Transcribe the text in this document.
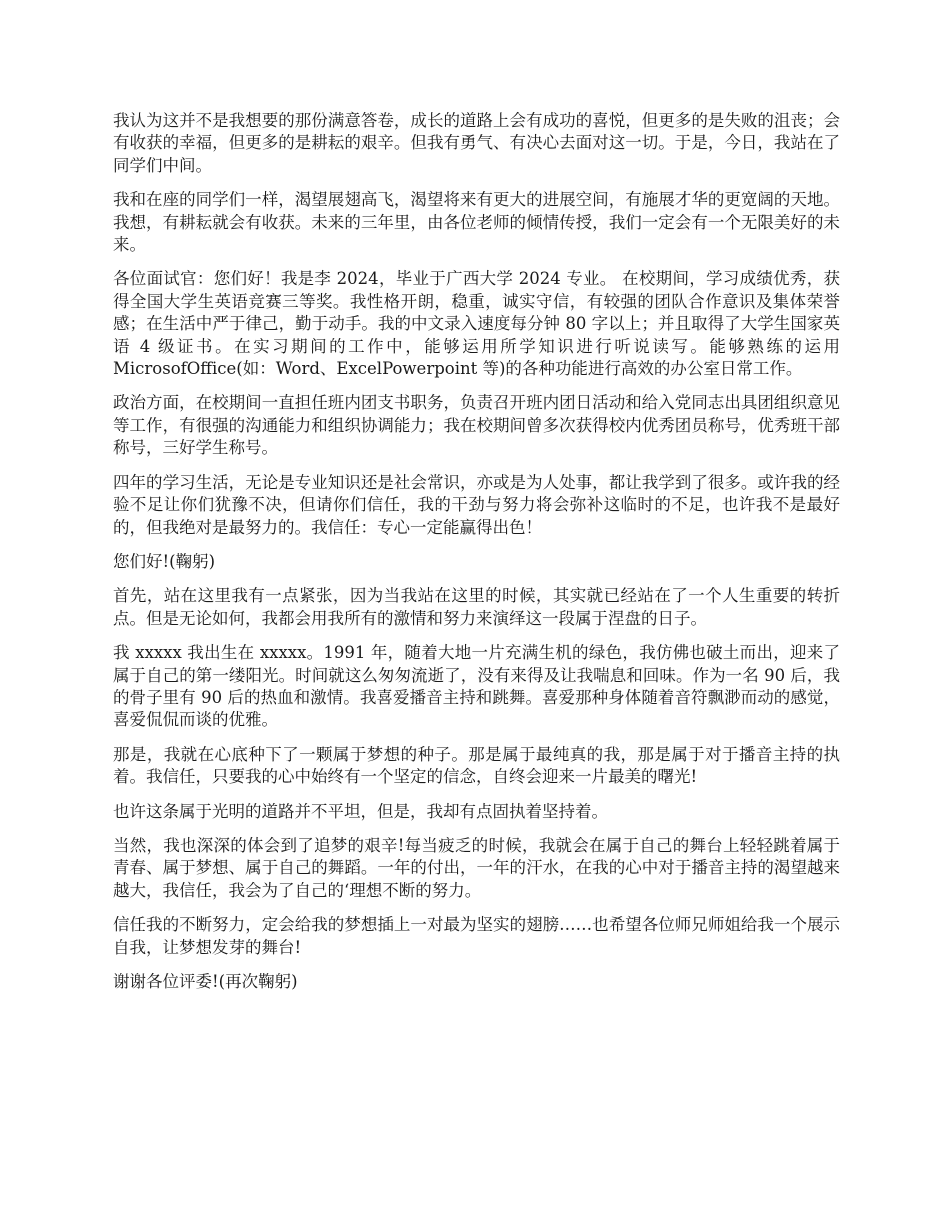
我认为这并不是我想要的那份满意答卷，成长的道路上会有成功的喜悦，但更多的是失败的沮丧；会有收获的幸福，但更多的是耕耘的艰辛。但我有勇气、有决心去面对这一切。于是，今日，我站在了同学们中间。

我和在座的同学们一样，渴望展翅高飞，渴望将来有更大的进展空间，有施展才华的更宽阔的天地。我想，有耕耘就会有收获。未来的三年里，由各位老师的倾情传授，我们一定会有一个无限美好的未来。

各位面试官：您们好！我是李 2024，毕业于广西大学 2024 专业。 在校期间，学习成绩优秀，获得全国大学生英语竞赛三等奖。我性格开朗，稳重，诚实守信，有较强的团队合作意识及集体荣誉感；在生活中严于律己，勤于动手。我的中文录入速度每分钟 80 字以上；并且取得了大学生国家英语 4 级证书。在实习期间的工作中，能够运用所学知识进行听说读写。能够熟练的运用 MicrosofOffice(如：Word、ExcelPowerpoint 等)的各种功能进行高效的办公室日常工作。

政治方面，在校期间一直担任班内团支书职务，负责召开班内团日活动和给入党同志出具团组织意见等工作，有很强的沟通能力和组织协调能力；我在校期间曾多次获得校内优秀团员称号，优秀班干部称号，三好学生称号。

四年的学习生活，无论是专业知识还是社会常识，亦或是为人处事，都让我学到了很多。或许我的经验不足让你们犹豫不决，但请你们信任，我的干劲与努力将会弥补这临时的不足，也许我不是最好的，但我绝对是最努力的。我信任：专心一定能赢得出色！

您们好!(鞠躬)

首先，站在这里我有一点紧张，因为当我站在这里的时候，其实就已经站在了一个人生重要的转折点。但是无论如何，我都会用我所有的激情和努力来演绎这一段属于涅盘的日子。

我 xxxxx 我出生在 xxxxx。1991 年，随着大地一片充满生机的绿色，我仿佛也破土而出，迎来了属于自己的第一缕阳光。时间就这么匆匆流逝了，没有来得及让我喘息和回味。作为一名 90 后，我的骨子里有 90 后的热血和激情。我喜爱播音主持和跳舞。喜爱那种身体随着音符飘渺而动的感觉，喜爱侃侃而谈的优雅。

那是，我就在心底种下了一颗属于梦想的种子。那是属于最纯真的我，那是属于对于播音主持的执着。我信任，只要我的心中始终有一个坚定的信念，自终会迎来一片最美的曙光!

也许这条属于光明的道路并不平坦，但是，我却有点固执着坚持着。

当然，我也深深的体会到了追梦的艰辛!每当疲乏的时候，我就会在属于自己的舞台上轻轻跳着属于青春、属于梦想、属于自己的舞蹈。一年的付出，一年的汗水，在我的心中对于播音主持的渴望越来越大，我信任，我会为了自己的‘理想不断的努力。

信任我的不断努力，定会给我的梦想插上一对最为坚实的翅膀……也希望各位师兄师姐给我一个展示自我，让梦想发芽的舞台!

谢谢各位评委!(再次鞠躬)
